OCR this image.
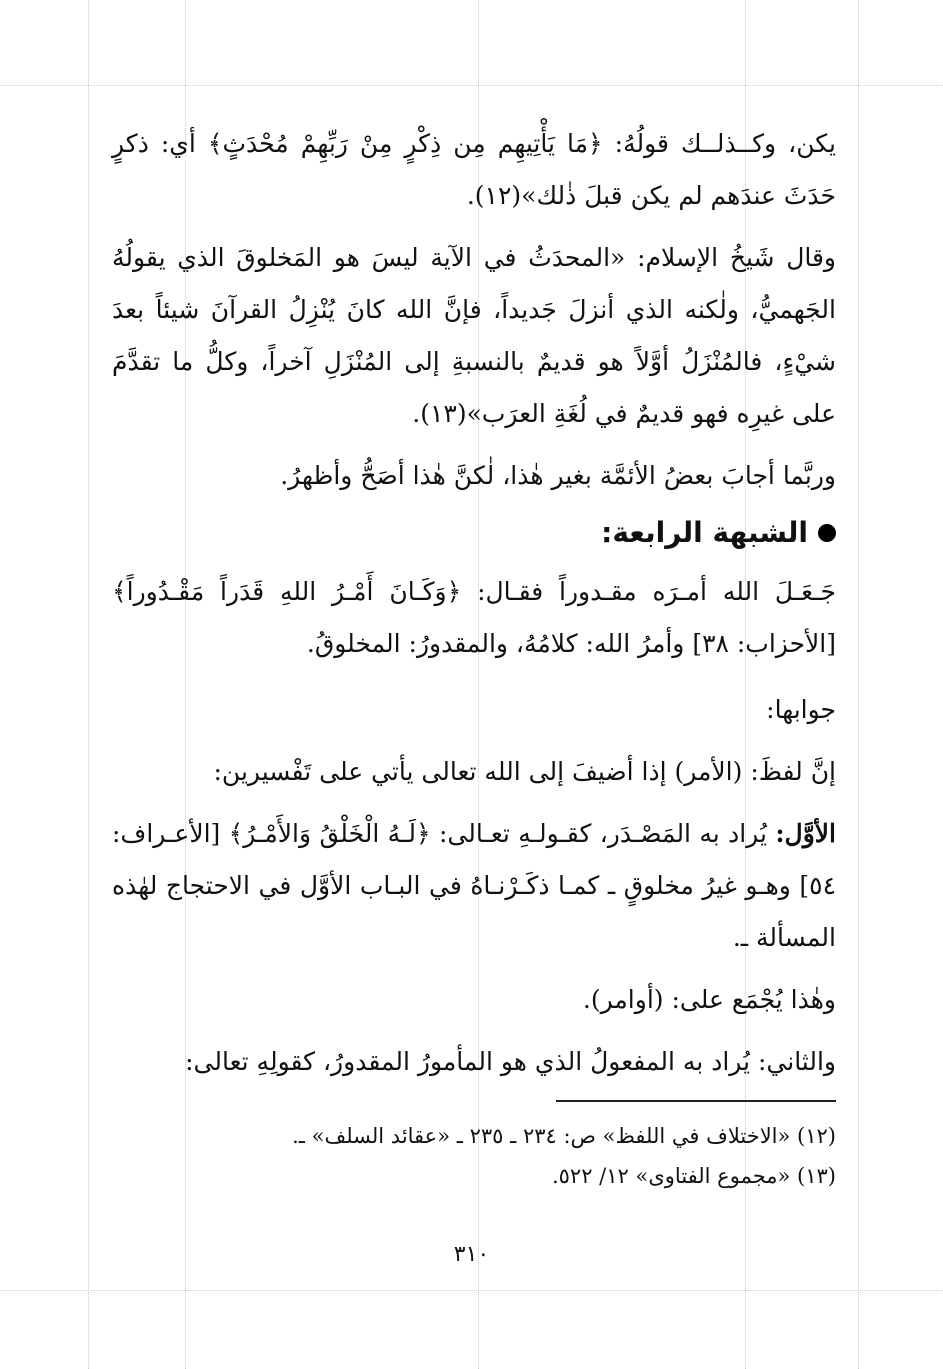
يكن، وكــذلــك قولُهُ: ﴿مَا يَأْتِيهِم مِن ذِكْرٍ مِنْ رَبِّهِمْ مُحْدَثٍ﴾ أي: ذكرٍ حَدَثَ عندَهم لم يكن قبلَ ذٰلك»(١٢).

وقال شَيخُ الإسلام: «المحدَثُ في الآية ليسَ هو المَخلوقَ الذي يقولُهُ الجَهميُّ، ولٰكنه الذي أنزلَ جَديداً، فإنَّ الله كانَ يُنْزِلُ القرآنَ شيئاً بعدَ شيْءٍ، فالمُنْزَلُ أوَّلاً هو قديمٌ بالنسبةِ إلى المُنْزَلِ آخراً، وكلُّ ما تقدَّمَ على غيرِه فهو قديمٌ في لُغَةِ العرَب»(١٣).

وربَّما أجابَ بعضُ الأئمَّة بغير هٰذا، لٰكنَّ هٰذا أصَحُّ وأظهرُ.

الشبهة الرابعة:

جَـعَـلَ الله أمـرَه مقـدوراً فقـال: ﴿وَكَـانَ أَمْـرُ اللهِ قَدَراً مَقْـدُوراً﴾ [الأحزاب: ٣٨] وأمرُ الله: كلامُهُ، والمقدورُ: المخلوقُ.

جوابها:

إنَّ لفظَ: (الأمر) إذا أضيفَ إلى الله تعالى يأتي على تَفْسيرين:

الأوَّل: يُراد به المَصْـدَر، كقـولـهِ تعـالى: ﴿لَـهُ الْخَلْقُ وَالأَمْـرُ﴾ [الأعـراف: ٥٤] وهـو غيرُ مخلوقٍ ـ كمـا ذكَـرْنـاهُ في البـاب الأوَّل في الاحتجاج لهٰذه المسألة ـ.

وهٰذا يُجْمَع على: (أوامر).

والثاني: يُراد به المفعولُ الذي هو المأمورُ المقدورُ، كقولِهِ تعالى:

(١٢) «الاختلاف في اللفظ» ص: ٢٣٤ ـ ٢٣٥ ـ «عقائد السلف» ـ.

(١٣) «مجموع الفتاوى» ١٢/ ٥٢٢.

٣١٠
